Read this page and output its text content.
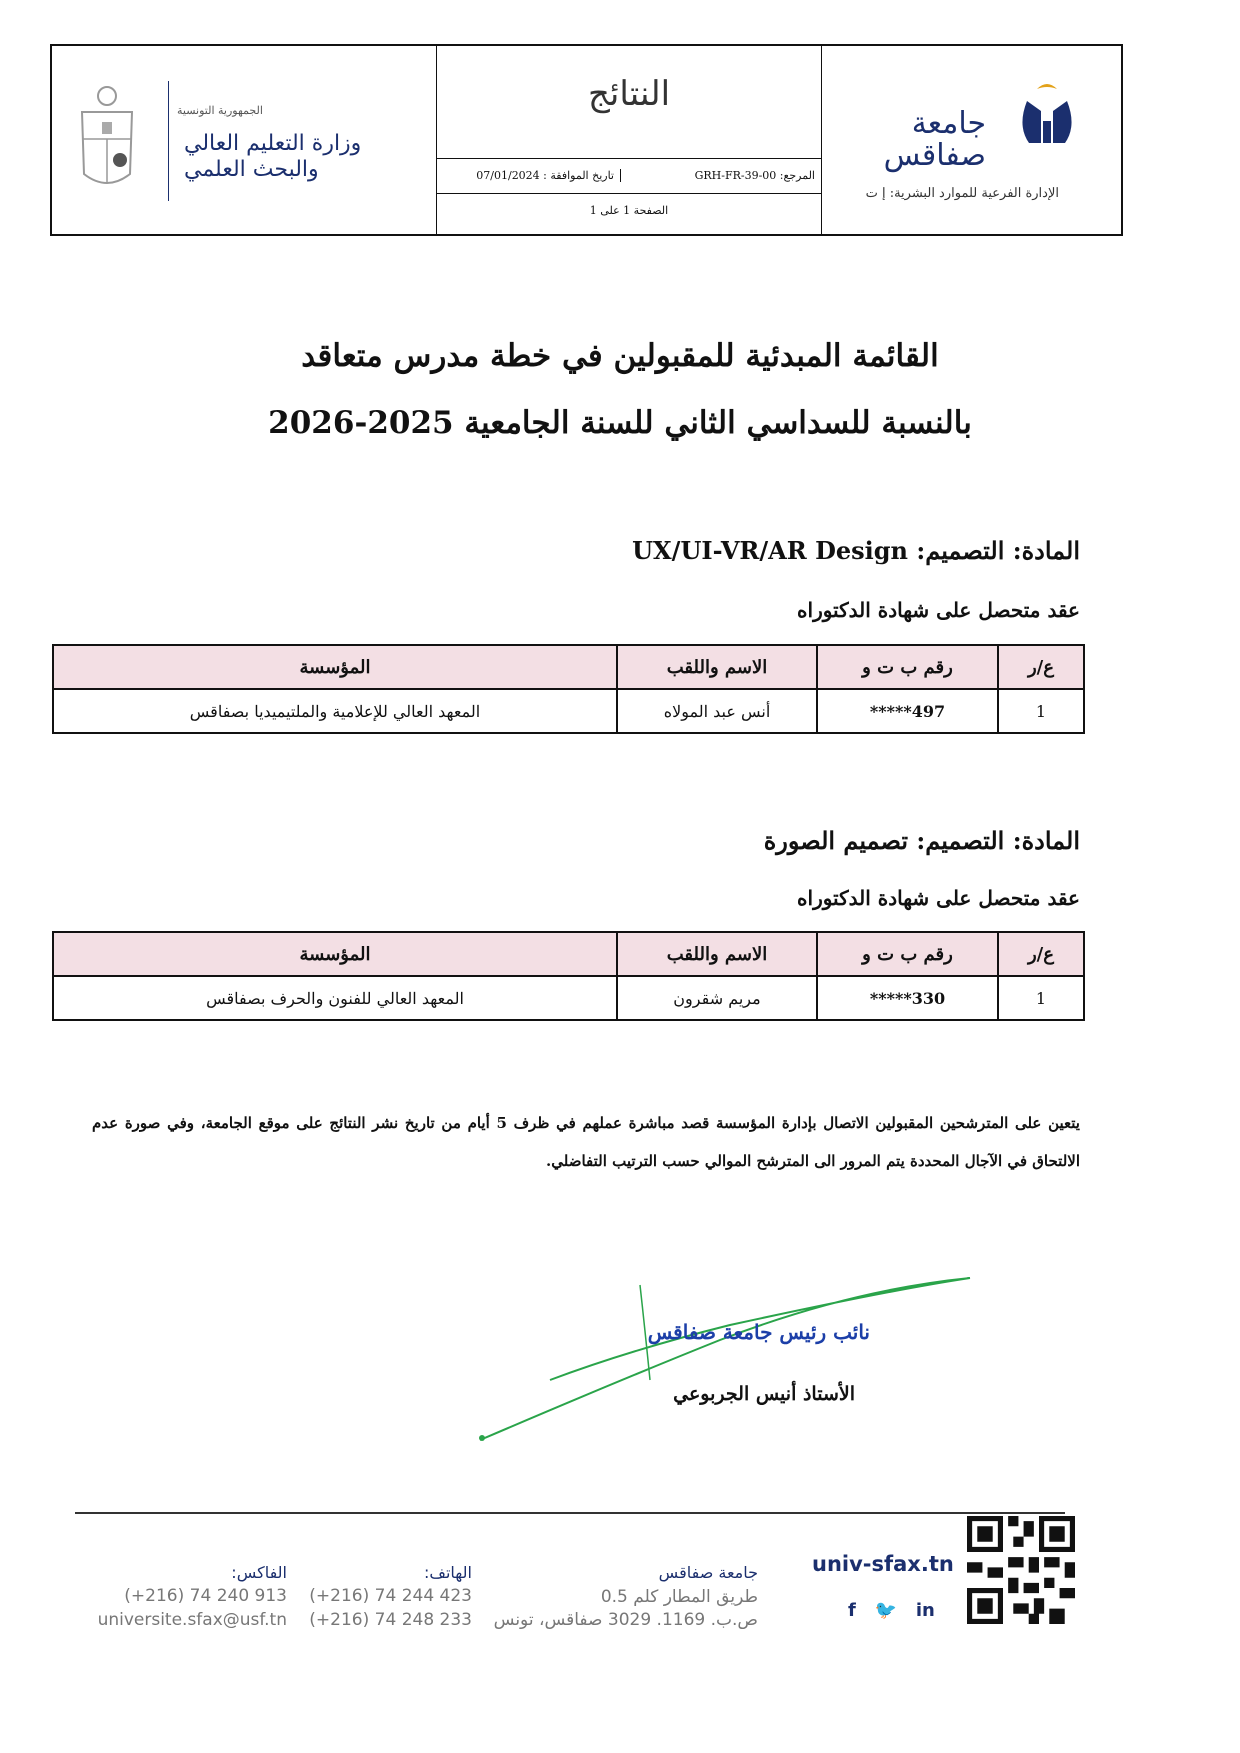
جامعة
صفاقس
الإدارة الفرعية للموارد البشرية: إ ت
النتائج
المرجع: GRH-FR-39-00
تاريخ الموافقة : 07/01/2024
الصفحة 1 على 1
الجمهورية التونسية
وزارة التعليم العالي
والبحث العلمي
القائمة المبدئية للمقبولين في خطة مدرس متعاقد
بالنسبة للسداسي الثاني للسنة الجامعية 2025-2026
المادة: التصميم: UX/UI-VR/AR Design
عقد متحصل على شهادة الدكتوراه
ع/ر	رقم ب ت و	الاسم واللقب	المؤسسة
1	497*****	أنس عبد المولاه	المعهد العالي للإعلامية والملتيميديا بصفاقس
المادة: التصميم: تصميم الصورة
عقد متحصل على شهادة الدكتوراه
ع/ر	رقم ب ت و	الاسم واللقب	المؤسسة
1	330*****	مريم شقرون	المعهد العالي للفنون والحرف بصفاقس
يتعين على المترشحين المقبولين الاتصال بإدارة المؤسسة قصد مباشرة عملهم في ظرف 5 أيام من تاريخ نشر النتائج على موقع الجامعة، وفي صورة عدم الالتحاق في الآجال المحددة يتم المرور الى المترشح الموالي حسب الترتيب التفاضلي.
نائب رئيس جامعة صفاقس
الأستاذ أنيس الجربوعي
univ-sfax.tn
f 🐦 in
جامعة صفاقس
طريق المطار كلم 0.5
ص.ب. 1169. 3029 صفاقس، تونس
الهاتف:
(+216) 74 244 423
(+216) 74 248 233
الفاكس:
(+216) 74 240 913
universite.sfax@usf.tn
